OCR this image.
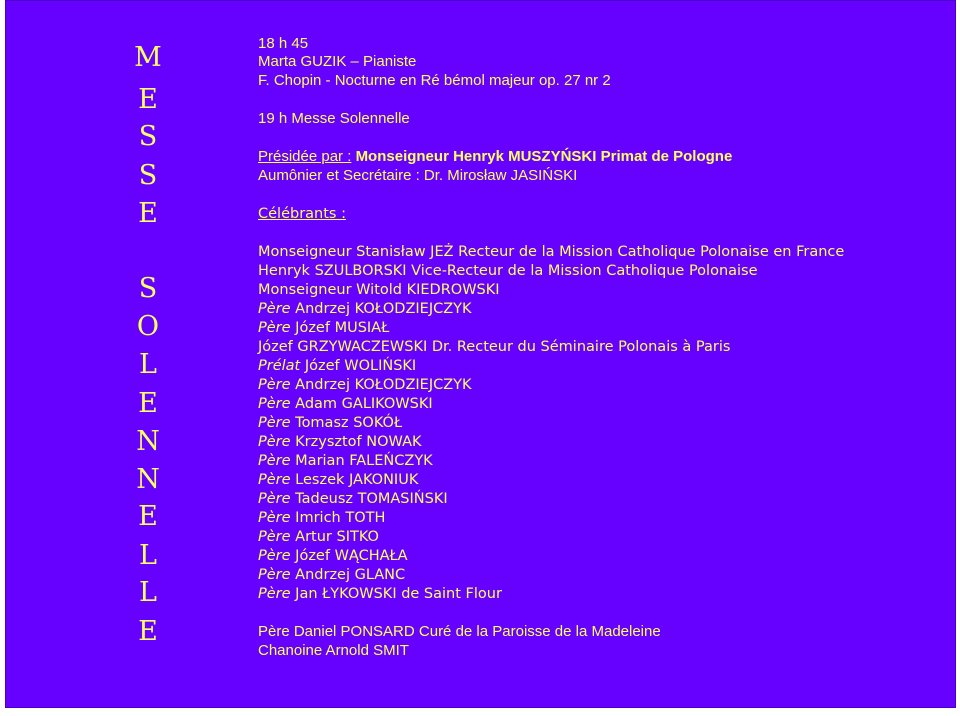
M
E
S
S
E
S
O
L
E
N
N
E
L
L
E
18 h 45
Marta GUZIK – Pianiste
F. Chopin - Nocturne en Ré bémol majeur op. 27 nr 2
19 h Messe Solennelle
Présidée par : Monseigneur Henryk MUSZYŃSKI Primat de Pologne
Aumônier et Secrétaire : Dr. Mirosław JASIŃSKI
Célébrants :
Monseigneur Stanisław JEŻ Recteur de la Mission Catholique Polonaise en France
Henryk SZULBORSKI Vice-Recteur de la Mission Catholique Polonaise
Monseigneur Witold KIEDROWSKI
Père Andrzej KOŁODZIEJCZYK
Père Józef MUSIAŁ
Józef GRZYWACZEWSKI Dr. Recteur du Séminaire Polonais à Paris
Prélat Józef WOLIŃSKI
Père Andrzej KOŁODZIEJCZYK
Père Adam GALIKOWSKI
Père Tomasz SOKÓŁ
Père Krzysztof NOWAK
Père Marian FALEŃCZYK
Père Leszek JAKONIUK
Père Tadeusz TOMASIŃSKI
Père Imrich TOTH
Père Artur SITKO
Père Józef WĄCHAŁA
Père Andrzej GLANC
Père Jan ŁYKOWSKI de Saint Flour
Père Daniel PONSARD Curé de la Paroisse de la Madeleine
Chanoine Arnold SMIT
